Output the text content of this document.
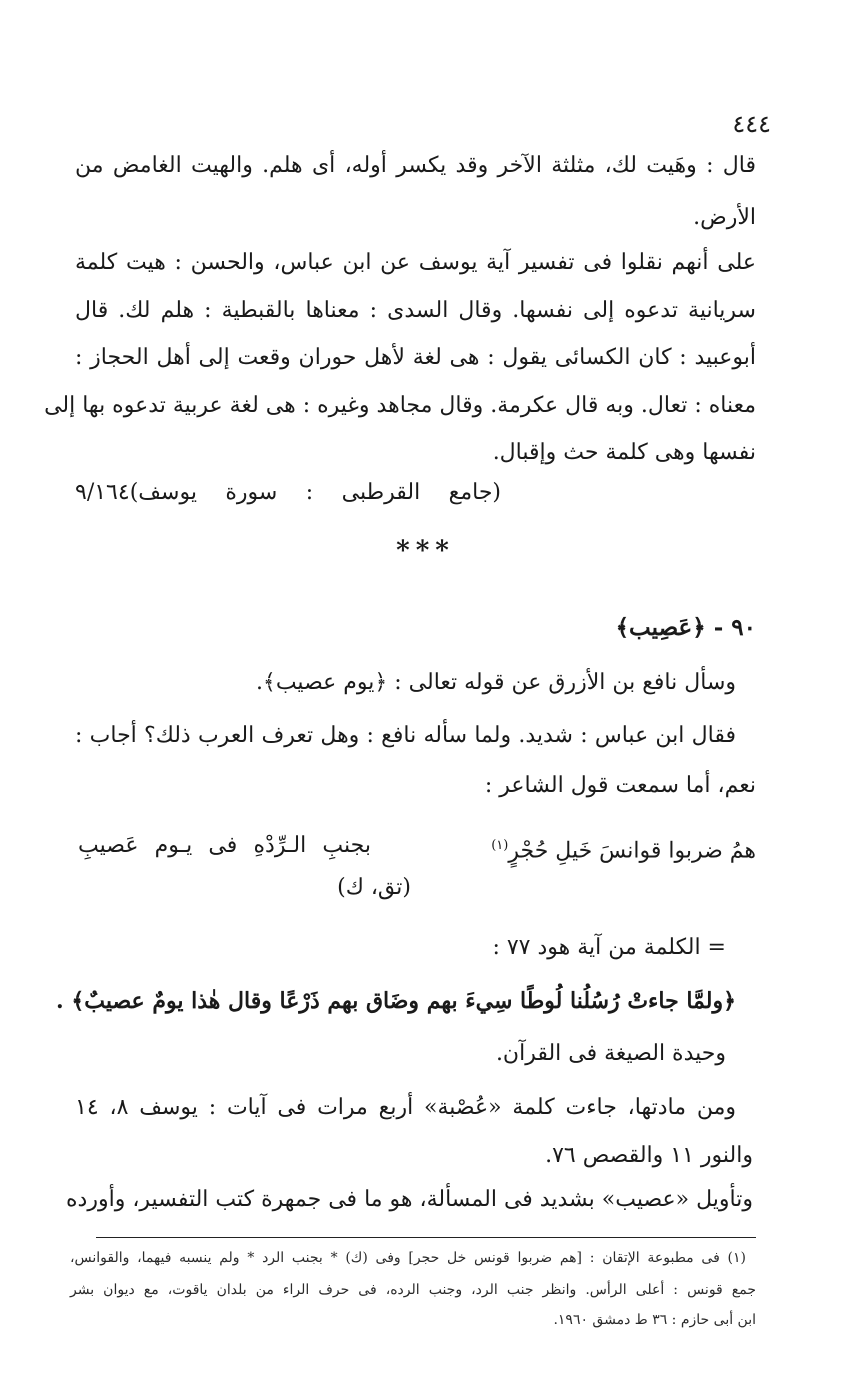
٤٤٤
قال : وهَيت لك، مثلثة الآخر وقد يكسر أوله، أى هلم. والهيت الغامض من
الأرض.
على أنهم نقلوا فى تفسير آية يوسف عن ابن عباس، والحسن : هيت كلمة
سريانية تدعوه إلى نفسها. وقال السدى : معناها بالقبطية : هلم لك. قال
أبوعبيد : كان الكسائى يقول : هى لغة لأهل حوران وقعت إلى أهل الحجاز :
معناه : تعال. وبه قال عكرمة. وقال مجاهد وغيره : هى لغة عربية تدعوه بها إلى
نفسها وهى كلمة حث وإقبال.
(جامع القرطبى : سورة يوسف)٩/١٦٤
***
٩٠ - ﴿عَصِيب﴾
وسأل نافع بن الأزرق عن قوله تعالى : ﴿يوم عصيب﴾.
فقال ابن عباس : شديد. ولما سأله نافع : وهل تعرف العرب ذلك؟ أجاب :
نعم، أما سمعت قول الشاعر :
همُ ضربوا قوانسَ خَيلِ حُجْرٍ$^{(١)}$
بجنبِ الـرِّدْهِ فى يـوم عَصيبِ
(تق، ك)
= الكلمة من آية هود ٧٧ :
﴿ولمَّا جاءتْ رُسُلُنا لُوطًا سِيءَ بهم وضَاق بهم ذَرْعًا وقال هٰذا يومٌ عصيبٌ﴾ .
وحيدة الصيغة فى القرآن.
ومن مادتها، جاءت كلمة «عُصْبة» أربع مرات فى آيات : يوسف ٨، ١٤
والنور ١١ والقصص ٧٦.
وتأويل «عصيب» بشديد فى المسألة، هو ما فى جمهرة كتب التفسير، وأورده
(١) فى مطبوعة الإتقان : [هم ضربوا قونس خل حجر] وفى (ك) * بجنب الرد * ولم ينسبه فيهما، والقوانس،
جمع قونس : أعلى الرأس. وانظر جنب الرد، وجنب الرده، فى حرف الراء من بلدان ياقوت، مع ديوان بشر
ابن أبى حازم : ٣٦ ط دمشق ١٩٦٠.
